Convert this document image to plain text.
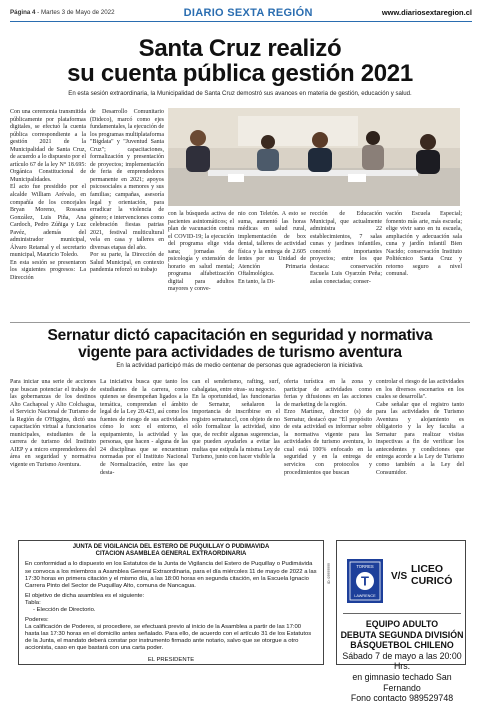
Página 4 - Martes 3 de Mayo de 2022	DIARIO SEXTA REGIÓN	www.diariosextaregion.cl
Santa Cruz realizó
su cuenta pública gestión 2021
En esta sesión extraordinaria, la Municipalidad de Santa Cruz demostró sus avances en materia de gestión, educación y salud.
Con una ceremonia transmitida públicamente por plataformas digitales, se efectuó la cuenta pública correspondiente a la gestión 2021 de la Municipalidad de Santa Cruz, de acuerdo a lo dispuesto por el artículo 67 de la ley N° 18.695: Orgánica Constitucional de Municipalidades.
El acto fue presidido por el alcalde William Arévalo, en compañía de los concejales Bryan Moreno, Rossana González, Luis Piña, Ana Cardoch, Pedro Zúñiga y Luz Pavéz, además del administrador municipal, Álvaro Retamal y el secretario municipal, Mauricio Toledo.
En esta sesión se presentaron los siguientes progresos: La Dirección
de Desarrollo Comunitario (Dideco), marcó como ejes fundamentales, la ejecución de los programas multiplataforma "Bigdata" y "Juventud Santa Cruz"; capacitaciones, formalización y presentación de proyectos; implementación de feria de emprendedores permanente en 2021; apoyos psicosociales a menores y sus familias; campañas, asesoría legal y orientación, para erradicar la violencia de género; e intervenciones como celebración fiestas patrias 2021, festival multicultural vela en casa y talleres en diversas etapas del año.
Por su parte, la Dirección de Salud Municipal, en contexto pandemia reforzó su trabajo
con la búsqueda activa de pacientes asintomáticos; el plan de vacunación contra el COVID-19; la ejecución del programa elige vida sana; jornadas de psicología y extensión de horario en salud mental; programa alfabetización digital para adultos mayores y conve-
nio con Teletón. A esto se suma, aumentó las horas médicas en salud rural, implementación de box dental, talleres de actividad física y la entrega de 2.605 lentes por su Unidad de Atención Primaria Oftalmológica.
En tanto, la Di-
rección de Educación Municipal, que actualmente administra 22 establecimientos, 7 salas cunas y jardines infantiles, concretó importantes proyectos; entre los que destaca: conservación Escuela Luis Oyarzún Peña; aulas conectadas; conser-
vación Escuela Especial; fomento más arte, más escuela; elige vivir sano en tu escuela, ampliación y adecuación sala cuna y jardín infantil Bien Nacido; conservación Instituto Politécnico Santa Cruz y retorno seguro a nivel comunal.
Sernatur dictó capacitación en seguridad y normativa
vigente para actividades de turismo aventura
En la actividad participó más de medio centenar de personas que agradecieron la iniciativa.
Para iniciar una serie de acciones que buscan potenciar el trabajo de las gobernanzas de los destinos Alto Cachapoal y Alto Colchagua, el Servicio Nacional de Turismo de la Región de O'Higgins, dictó una capacitación virtual a funcionarios municipales, estudiantes de la carrera de turismo del Instituto AIEP y a micro emprendedores del área en seguridad y normativa vigente en Turismo Aventura.
La iniciativa busca que tanto los estudiantes de la carrera, como quienes se desempeñan ligados a la temática, comprendan el ámbito legal de la Ley 20.423, así como los fuentes de riesgo de sus actividades cómo lo son: el entorno, el equipamiento, la actividad y las personas, que hacen - alguna de las 24 disciplinas que se encuentran normadas por el Instituto Nacional de Normalización, entre las que desta-
can el senderismo, rafting, surf, cabalgatas, entre otras- su negocio.
En la oportunidad, las funcionarias de Sernatur, señalaron la importancia de inscribirse en el registro sernatur.cl, con objeto de no sólo formalizar la actividad, sino que, de recibir algunas sugerencias, que pueden ayudarles a evitar las multas que estipula la misma Ley de Turismo, junto con hacer visible la
oferta turística en la zona y participar de actividades como ferias y difusiones en las acciones de marketing de la región.
Erzo Martínez, director (s) de Sernatur, destacó que "El propósito de esta actividad es informar sobre la normativa vigente para las actividades de turismo aventura, lo cual está 100% enfocado en la seguridad y en la entrega de servicios con protocolos y procedimientos que buscan
controlar el riesgo de las actividades en los diversos escenarios en los cuales se desarrolla".
Cabe señalar que el registro tanto para las actividades de Turismo Aventura y alojamiento es obligatorio y la ley faculta a Sernatur para realizar visitas inspectivas a fin de verificar los antecedentes y condiciones que entrega acorde a la Ley de Turismo como también a la Ley del Consumidor.
JUNTA DE VIGILANCIA DEL ESTERO DE PUQUILLAY O PUDIMAVIDA
CITACION ASAMBLEA GENERAL EXTRAORDINARIA

En conformidad a lo dispuesto en los Estatutos de la Junta de Vigilancia del Estero de Puquillay o Pudimávida se convoca a los miembros a Asamblea General Extraordinaria, para el día miércoles 11 de mayo de 2022 a las 17:30 horas en primera citación y el mismo día, a las 18:00 horas en segunda citación, en la Escuela Ignacio Carrera Pinto del Sector de Puquillay Alto, comuna de Nancagua.

El objetivo de dicha asamblea es el siguiente:

Tabla:
- Elección de Directorio.

Poderes:

La calificación de Poderes, si procediere, se efectuará previo al inicio de la Asamblea a partir de las 17:00 hasta las 17:30 horas en el domicilio antes señalado. Para ello, de acuerdo con el artículo 31 de los Estatutos de la Junta, el mandato deberá constar por instrumento firmado ante notario, salvo que se otorgue a otro accionista, caso en que bastará con una carta poder.
EL PRESIDENTE
ID: 09999999	TORRES
T
LAWRENCE
V/S
LICEO
CURICÓ
EQUIPO ADULTO
DEBUTA SEGUNDA DIVISIÓN
BÁSQUETBOL CHILENO
Sábado 7 de mayo a las 20:00 Hrs.
en gimnasio techado San Fernando
Fono contacto 989529748
